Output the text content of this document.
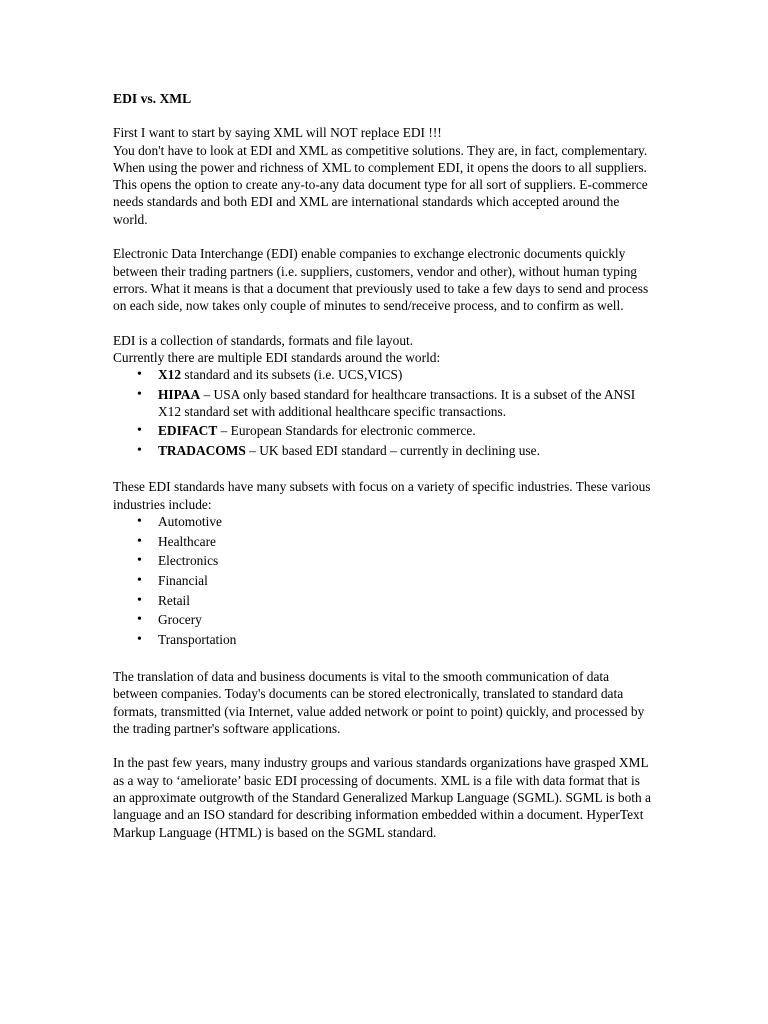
EDI vs. XML

First I want to start by saying XML will NOT replace EDI !!!

You don't have to look at EDI and XML as competitive solutions. They are, in fact, complementary.

When using the power and richness of XML to complement EDI, it opens the doors to all suppliers. This opens the option to create any-to-any data document type for all sort of suppliers. E-commerce needs standards and both EDI and XML are international standards which accepted around the world.

Electronic Data Interchange (EDI) enable companies to exchange electronic documents quickly between their trading partners (i.e. suppliers, customers, vendor and other), without human typing errors. What it means is that a document that previously used to take a few days to send and process on each side, now takes only couple of minutes to send/receive process, and to confirm as well.

EDI is a collection of standards, formats and file layout.

Currently there are multiple EDI standards around the world:

• X12 standard and its subsets (i.e. UCS,VICS)
• HIPAA – USA only based standard for healthcare transactions. It is a subset of the ANSI X12 standard set with additional healthcare specific transactions.
• EDIFACT – European Standards for electronic commerce.
• TRADACOMS – UK based EDI standard – currently in declining use.

These EDI standards have many subsets with focus on a variety of specific industries. These various industries include:

• Automotive
• Healthcare
• Electronics
• Financial
• Retail
• Grocery
• Transportation

The translation of data and business documents is vital to the smooth communication of data between companies. Today's documents can be stored electronically, translated to standard data formats, transmitted (via Internet, value added network or point to point) quickly, and processed by the trading partner's software applications.

In the past few years, many industry groups and various standards organizations have grasped XML as a way to ‘ameliorate’ basic EDI processing of documents. XML is a file with data format that is an approximate outgrowth of the Standard Generalized Markup Language (SGML). SGML is both a language and an ISO standard for describing information embedded within a document. HyperText Markup Language (HTML) is based on the SGML standard.
